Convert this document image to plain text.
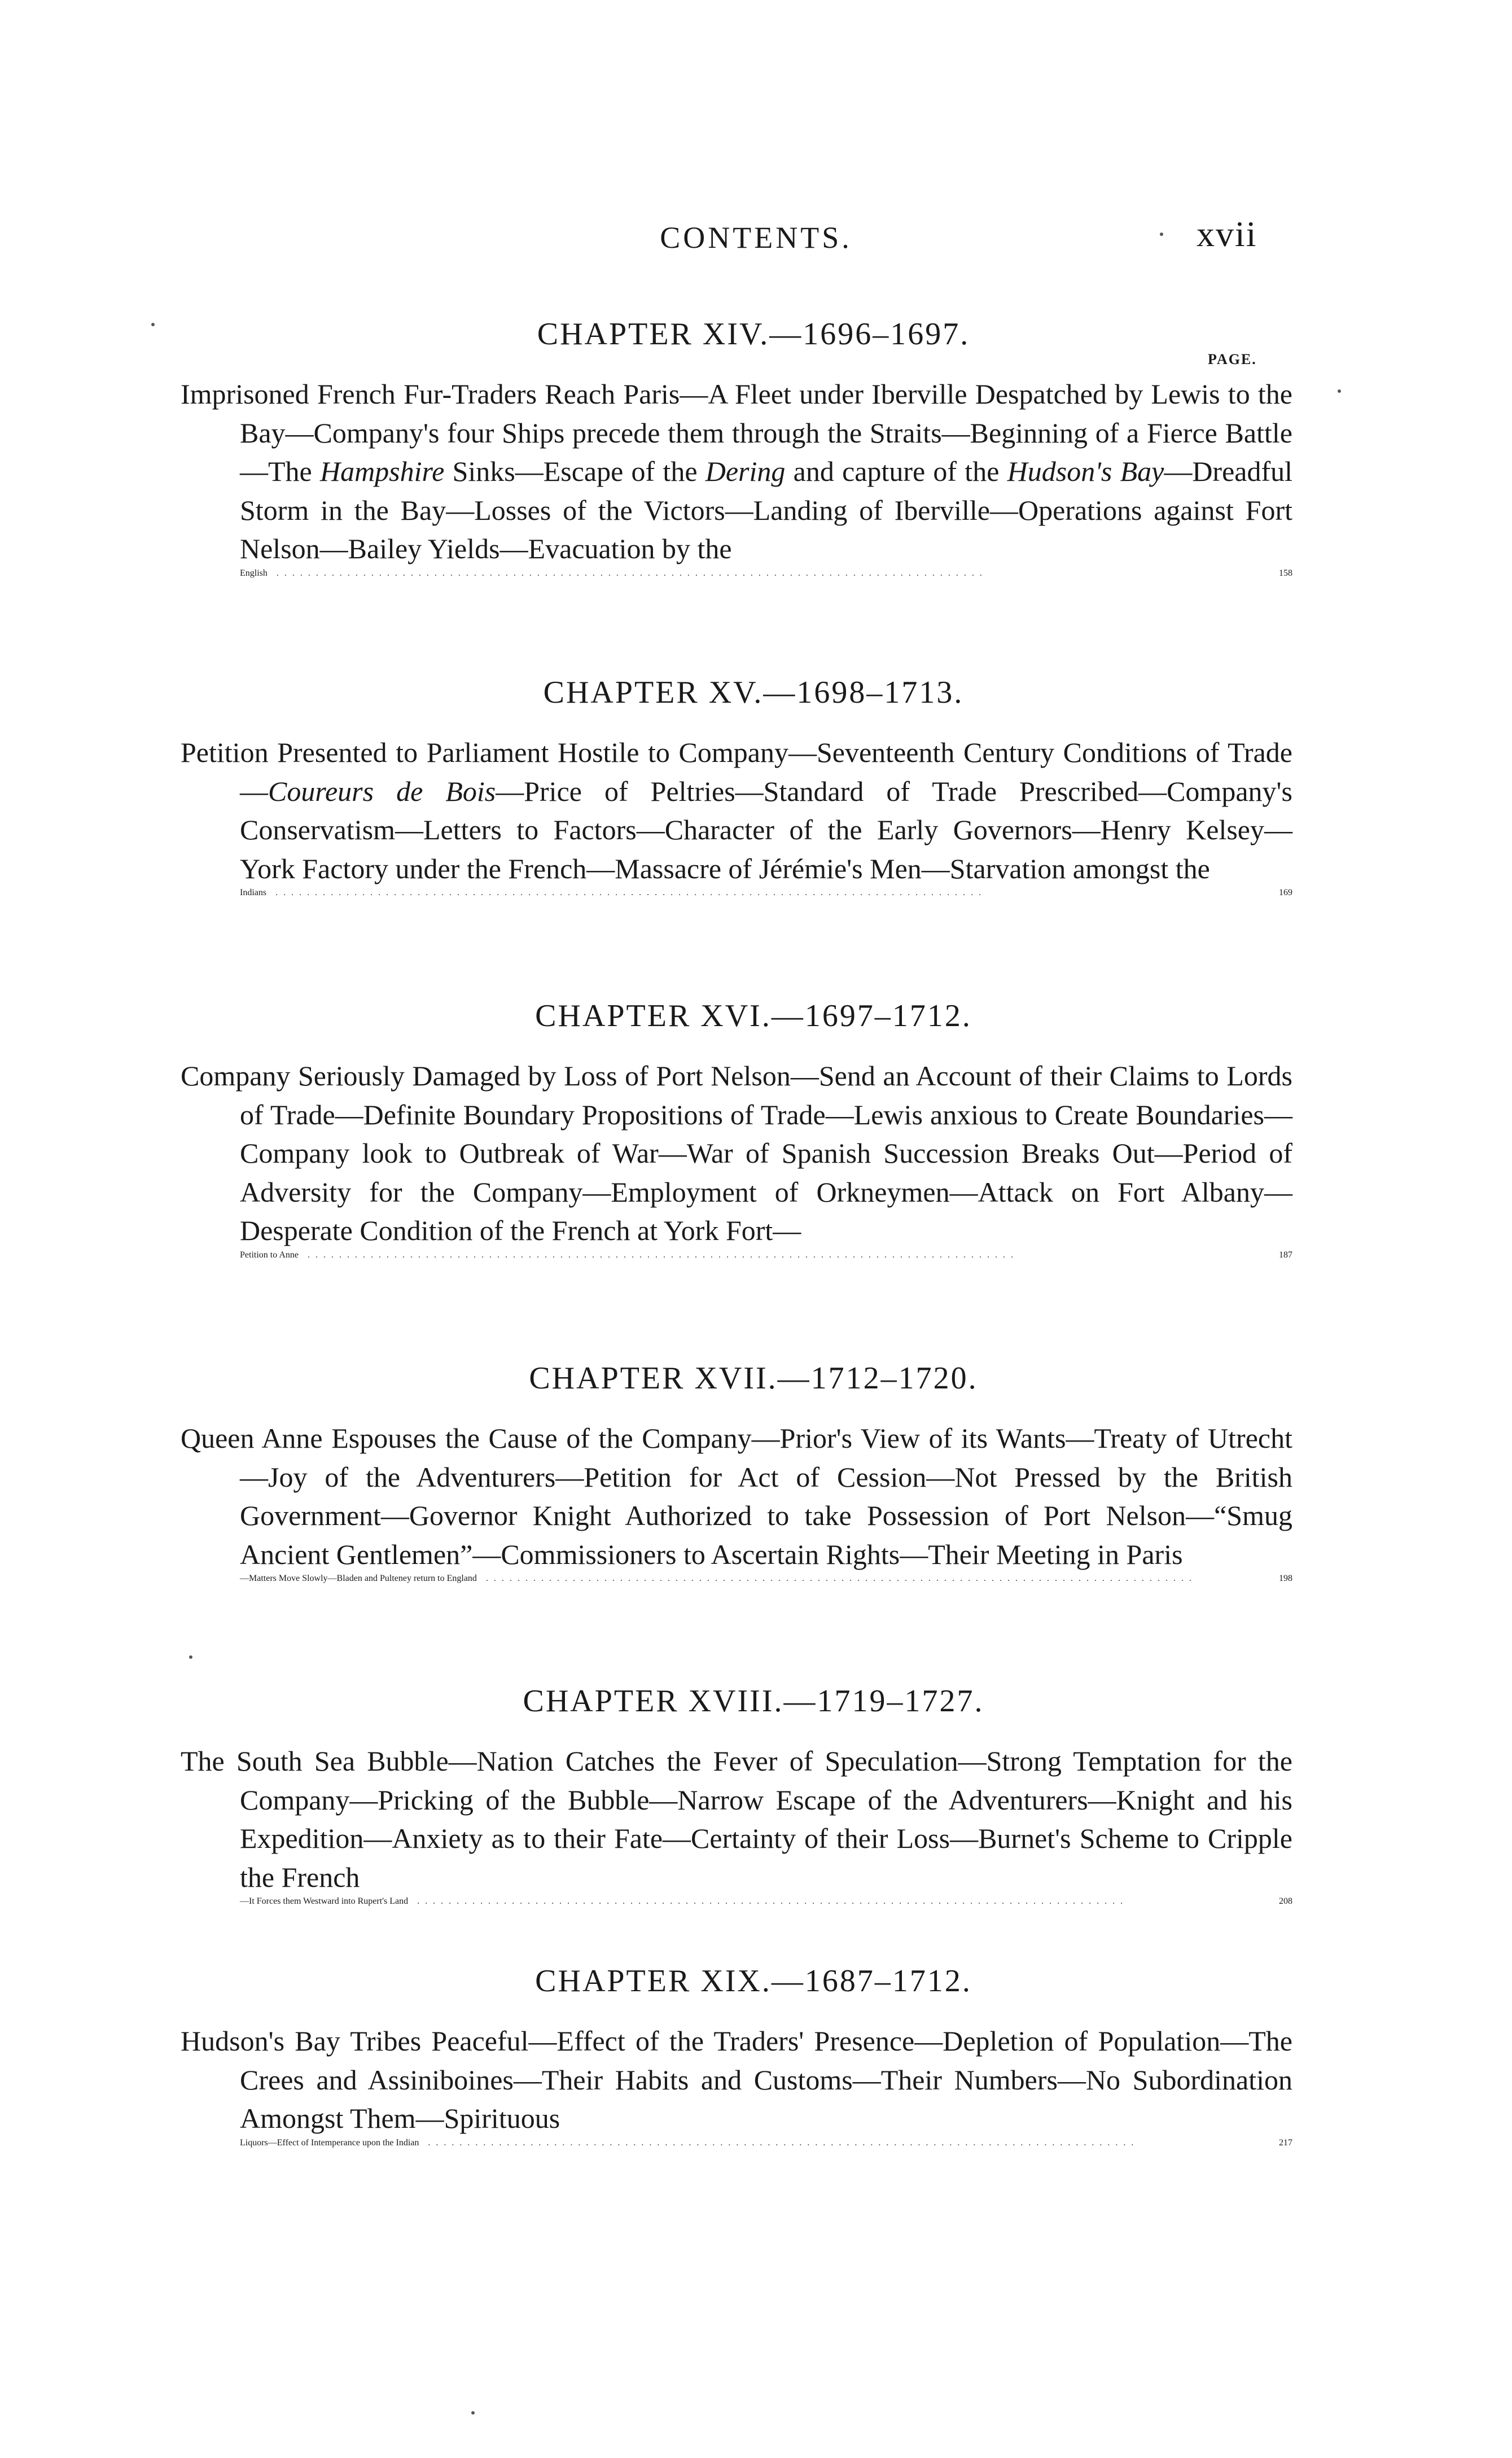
CONTENTS.	xvii
PAGE.
CHAPTER XIV.—1696–1697.

Imprisoned French Fur-Traders Reach Paris—A Fleet under Iberville Despatched by Lewis to the Bay—Company's four Ships precede them through the Straits—Beginning of a Fierce Battle—The Hampshire Sinks—Escape of the Dering and capture of the Hudson's Bay—Dreadful Storm in the Bay—Losses of the Victors—Landing of Iberville—Operations against Fort Nelson—Bailey Yields—Evacuation by the

English ..........................................................................................	158
CHAPTER XV.—1698–1713.

Petition Presented to Parliament Hostile to Company—Seventeenth Century Conditions of Trade—Coureurs de Bois—Price of Peltries—Standard of Trade Prescribed—Company's Conservatism—Letters to Factors—Character of the Early Governors—Henry Kelsey—York Factory under the French—Massacre of Jérémie's Men—Starvation amongst the

Indians ..........................................................................................	169
CHAPTER XVI.—1697–1712.

Company Seriously Damaged by Loss of Port Nelson—Send an Account of their Claims to Lords of Trade—Definite Boundary Propositions of Trade—Lewis anxious to Create Boundaries—Company look to Outbreak of War—War of Spanish Succession Breaks Out—Period of Adversity for the Company—Employment of Orkneymen—Attack on Fort Albany—Desperate Condition of the French at York Fort—

Petition to Anne ..........................................................................................	187
CHAPTER XVII.—1712–1720.

Queen Anne Espouses the Cause of the Company—Prior's View of its Wants—Treaty of Utrecht—Joy of the Adventurers—Petition for Act of Cession—Not Pressed by the British Government—Governor Knight Authorized to take Possession of Port Nelson—“Smug Ancient Gentlemen”—Commissioners to Ascertain Rights—Their Meeting in Paris

—Matters Move Slowly—Bladen and Pulteney return to England ..........................................................................................	198
CHAPTER XVIII.—1719–1727.

The South Sea Bubble—Nation Catches the Fever of Speculation—Strong Temptation for the Company—Pricking of the Bubble—Narrow Escape of the Adventurers—Knight and his Expedition—Anxiety as to their Fate—Certainty of their Loss—Burnet's Scheme to Cripple the French

—It Forces them Westward into Rupert's Land ..........................................................................................	208
CHAPTER XIX.—1687–1712.

Hudson's Bay Tribes Peaceful—Effect of the Traders' Presence—Depletion of Population—The Crees and Assiniboines—Their Habits and Customs—Their Numbers—No Subordination Amongst Them—Spirituous

Liquors—Effect of Intemperance upon the Indian ..........................................................................................	217
